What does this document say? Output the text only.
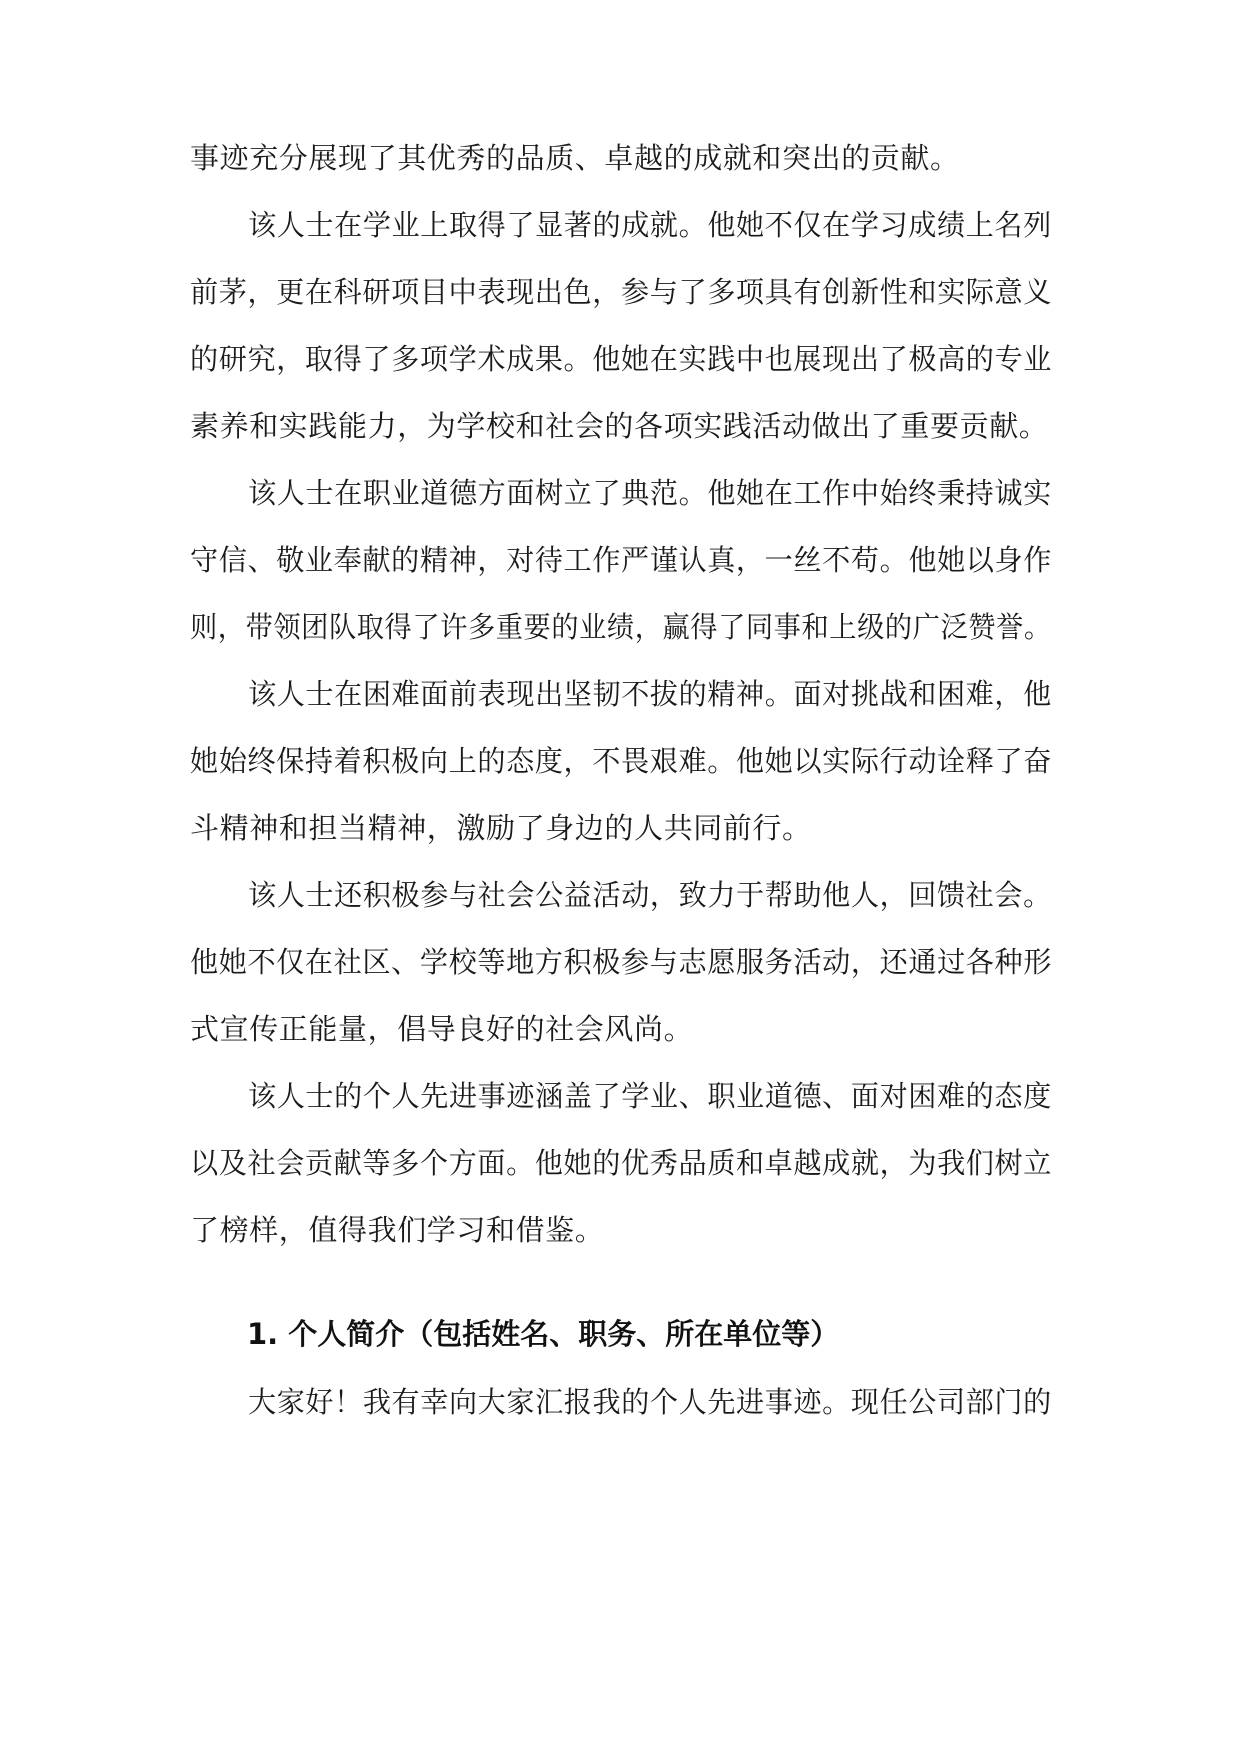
事迹充分展现了其优秀的品质、卓越的成就和突出的贡献。
该人士在学业上取得了显著的成就。他她不仅在学习成绩上名列
前茅，更在科研项目中表现出色，参与了多项具有创新性和实际意义
的研究，取得了多项学术成果。他她在实践中也展现出了极高的专业
素养和实践能力，为学校和社会的各项实践活动做出了重要贡献。
该人士在职业道德方面树立了典范。他她在工作中始终秉持诚实
守信、敬业奉献的精神，对待工作严谨认真，一丝不苟。他她以身作
则，带领团队取得了许多重要的业绩，赢得了同事和上级的广泛赞誉。
该人士在困难面前表现出坚韧不拔的精神。面对挑战和困难，他
她始终保持着积极向上的态度，不畏艰难。他她以实际行动诠释了奋
斗精神和担当精神，激励了身边的人共同前行。
该人士还积极参与社会公益活动，致力于帮助他人，回馈社会。
他她不仅在社区、学校等地方积极参与志愿服务活动，还通过各种形
式宣传正能量，倡导良好的社会风尚。
该人士的个人先进事迹涵盖了学业、职业道德、面对困难的态度
以及社会贡献等多个方面。他她的优秀品质和卓越成就，为我们树立
了榜样，值得我们学习和借鉴。
1. 个人简介（包括姓名、职务、所在单位等）
大家好！我有幸向大家汇报我的个人先进事迹。现任公司部门的
